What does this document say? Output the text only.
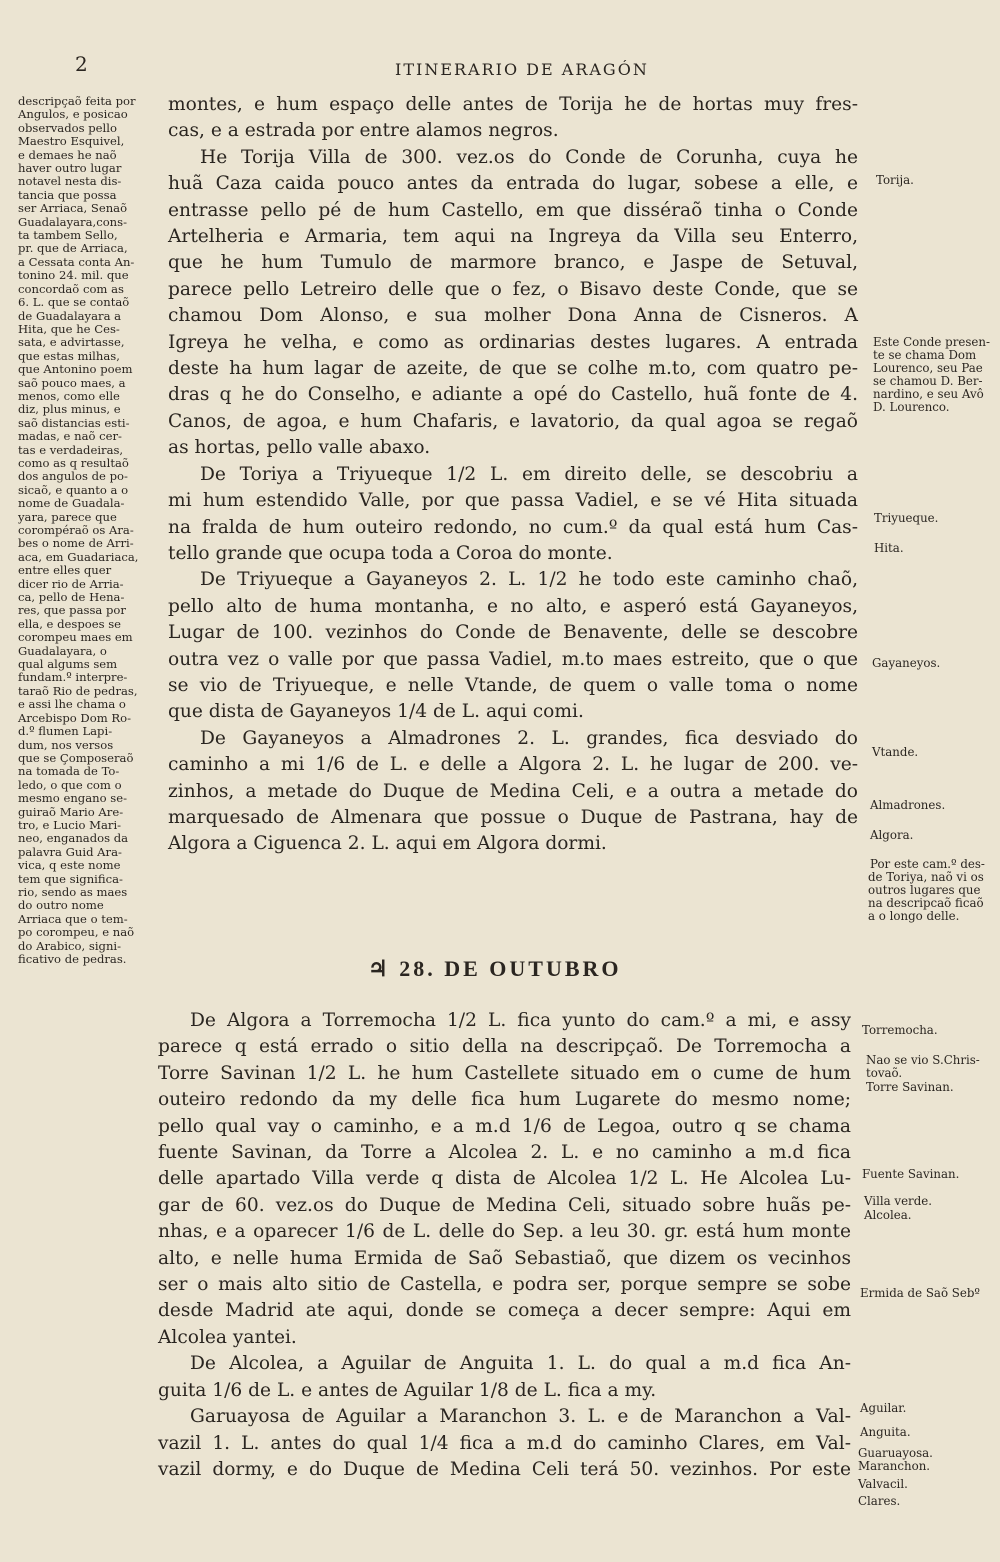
2	ITINERARIO DE ARAGÓN
descripçaõ feita por
Angulos, e posicao
observados pello
Maestro Esquivel,
e demaes he naõ
haver outro lugar
notavel nesta dis-
tancia que possa
ser Arriaca, Senaõ
Guadalayara,cons-
ta tambem Sello,
pr. que de Arriaca,
a Cessata conta An-
tonino 24. mil. que
concordaõ com as
6. L. que se contaõ
de Guadalayara a
Hita, que he Ces-
sata, e advirtasse,
que estas milhas,
que Antonino poem
saõ pouco maes, a
menos, como elle
diz, plus minus, e
saõ distancias esti-
madas, e naõ cer-
tas e verdadeiras,
como as q resultaõ
dos angulos de po-
sicaõ, e quanto a o
nome de Guadala-
yara, parece que
corompéraõ os Ara-
bes o nome de Arri-
aca, em Guadariaca,
entre elles quer
dicer rio de Arria-
ca, pello de Hena-
res, que passa por
ella, e despoes se
corompeu maes em
Guadalayara, o
qual algums sem
fundam.º interpre-
taraõ Rio de pedras,
e assi lhe chama o
Arcebispo Dom Ro-
d.º flumen Lapi-
dum, nos versos
que se Çomposeraõ
na tomada de To-
ledo, o que com o
mesmo engano se-
guiraõ Mario Are-
tro, e Lucio Mari-
neo, enganados da
palavra Guid Ara-
vica, q este nome
tem que significa-
rio, sendo as maes
do outro nome
Arriaca que o tem-
po corompeu, e naõ
do Arabico, signi-
ficativo de pedras.
montes, e hum espaço delle antes de Torija he de hortas muy fres-
cas, e a estrada por entre alamos negros.
He Torija Villa de 300. vez.os do Conde de Corunha, cuya he
huã Caza caida pouco antes da entrada do lugar, sobese a elle, e
entrasse pello pé de hum Castello, em que disséraõ tinha o Conde
Artelheria e Armaria, tem aqui na Ingreya da Villa seu Enterro,
que he hum Tumulo de marmore branco, e Jaspe de Setuval,
parece pello Letreiro delle que o fez, o Bisavo deste Conde, que se
chamou Dom Alonso, e sua molher Dona Anna de Cisneros. A
Igreya he velha, e como as ordinarias destes lugares. A entrada
deste ha hum lagar de azeite, de que se colhe m.to, com quatro pe-
dras q he do Conselho, e adiante a opé do Castello, huã fonte de 4.
Canos, de agoa, e hum Chafaris, e lavatorio, da qual agoa se regaõ
as hortas, pello valle abaxo.
De Toriya a Triyueque 1/2 L. em direito delle, se descobriu a
mi hum estendido Valle, por que passa Vadiel, e se vé Hita situada
na fralda de hum outeiro redondo, no cum.º da qual está hum Cas-
tello grande que ocupa toda a Coroa do monte.
De Triyueque a Gayaneyos 2. L. 1/2 he todo este caminho chaõ,
pello alto de huma montanha, e no alto, e asperó está Gayaneyos,
Lugar de 100. vezinhos do Conde de Benavente, delle se descobre
outra vez o valle por que passa Vadiel, m.to maes estreito, que o que
se vio de Triyueque, e nelle Vtande, de quem o valle toma o nome
que dista de Gayaneyos 1/4 de L. aqui comi.
De Gayaneyos a Almadrones 2. L. grandes, fica desviado do
caminho a mi 1/6 de L. e delle a Algora 2. L. he lugar de 200. ve-
zinhos, a metade do Duque de Medina Celi, e a outra a metade do
marquesado de Almenara que possue o Duque de Pastrana, hay de
Algora a Ciguenca 2. L. aqui em Algora dormi.
♃ 28. DE OUTUBRO
De Algora a Torremocha 1/2 L. fica yunto do cam.º a mi, e assy
parece q está errado o sitio della na descripçaõ. De Torremocha a
Torre Savinan 1/2 L. he hum Castellete situado em o cume de hum
outeiro redondo da my delle fica hum Lugarete do mesmo nome;
pello qual vay o caminho, e a m.d 1/6 de Legoa, outro q se chama
fuente Savinan, da Torre a Alcolea 2. L. e no caminho a m.d fica
delle apartado Villa verde q dista de Alcolea 1/2 L. He Alcolea Lu-
gar de 60. vez.os do Duque de Medina Celi, situado sobre huãs pe-
nhas, e a oparecer 1/6 de L. delle do Sep. a leu 30. gr. está hum monte
alto, e nelle huma Ermida de Saõ Sebastiaõ, que dizem os vecinhos
ser o mais alto sitio de Castella, e podra ser, porque sempre se sobe
desde Madrid ate aqui, donde se começa a decer sempre: Aqui em
Alcolea yantei.
De Alcolea, a Aguilar de Anguita 1. L. do qual a m.d fica An-
guita 1/6 de L. e antes de Aguilar 1/8 de L. fica a my.
Garuayosa de Aguilar a Maranchon 3. L. e de Maranchon a Val-
vazil 1. L. antes do qual 1/4 fica a m.d do caminho Clares, em Val-
vazil dormy, e do Duque de Medina Celi terá 50. vezinhos. Por este
Torija.
Este Conde presen-
te se chama Dom
Lourenco, seu Pae
se chamou D. Ber-
nardino, e seu Avô
D. Lourenco.
Triyueque.
Hita.
Gayaneyos.
Vtande.
Almadrones.
Algora.
Por este cam.º des-
de Toriya, naõ vi os
outros lugares que
na descripcaõ ficaõ
a o longo delle.
Torremocha.
Nao se vio S.Chris-
tovaõ.
Torre Savinan.
Fuente Savinan.
Villa verde.
Alcolea.
Ermida de Saõ Sebº
Aguilar.
Anguita.
Guaruayosa.
Maranchon.
Valvacil.
Clares.
